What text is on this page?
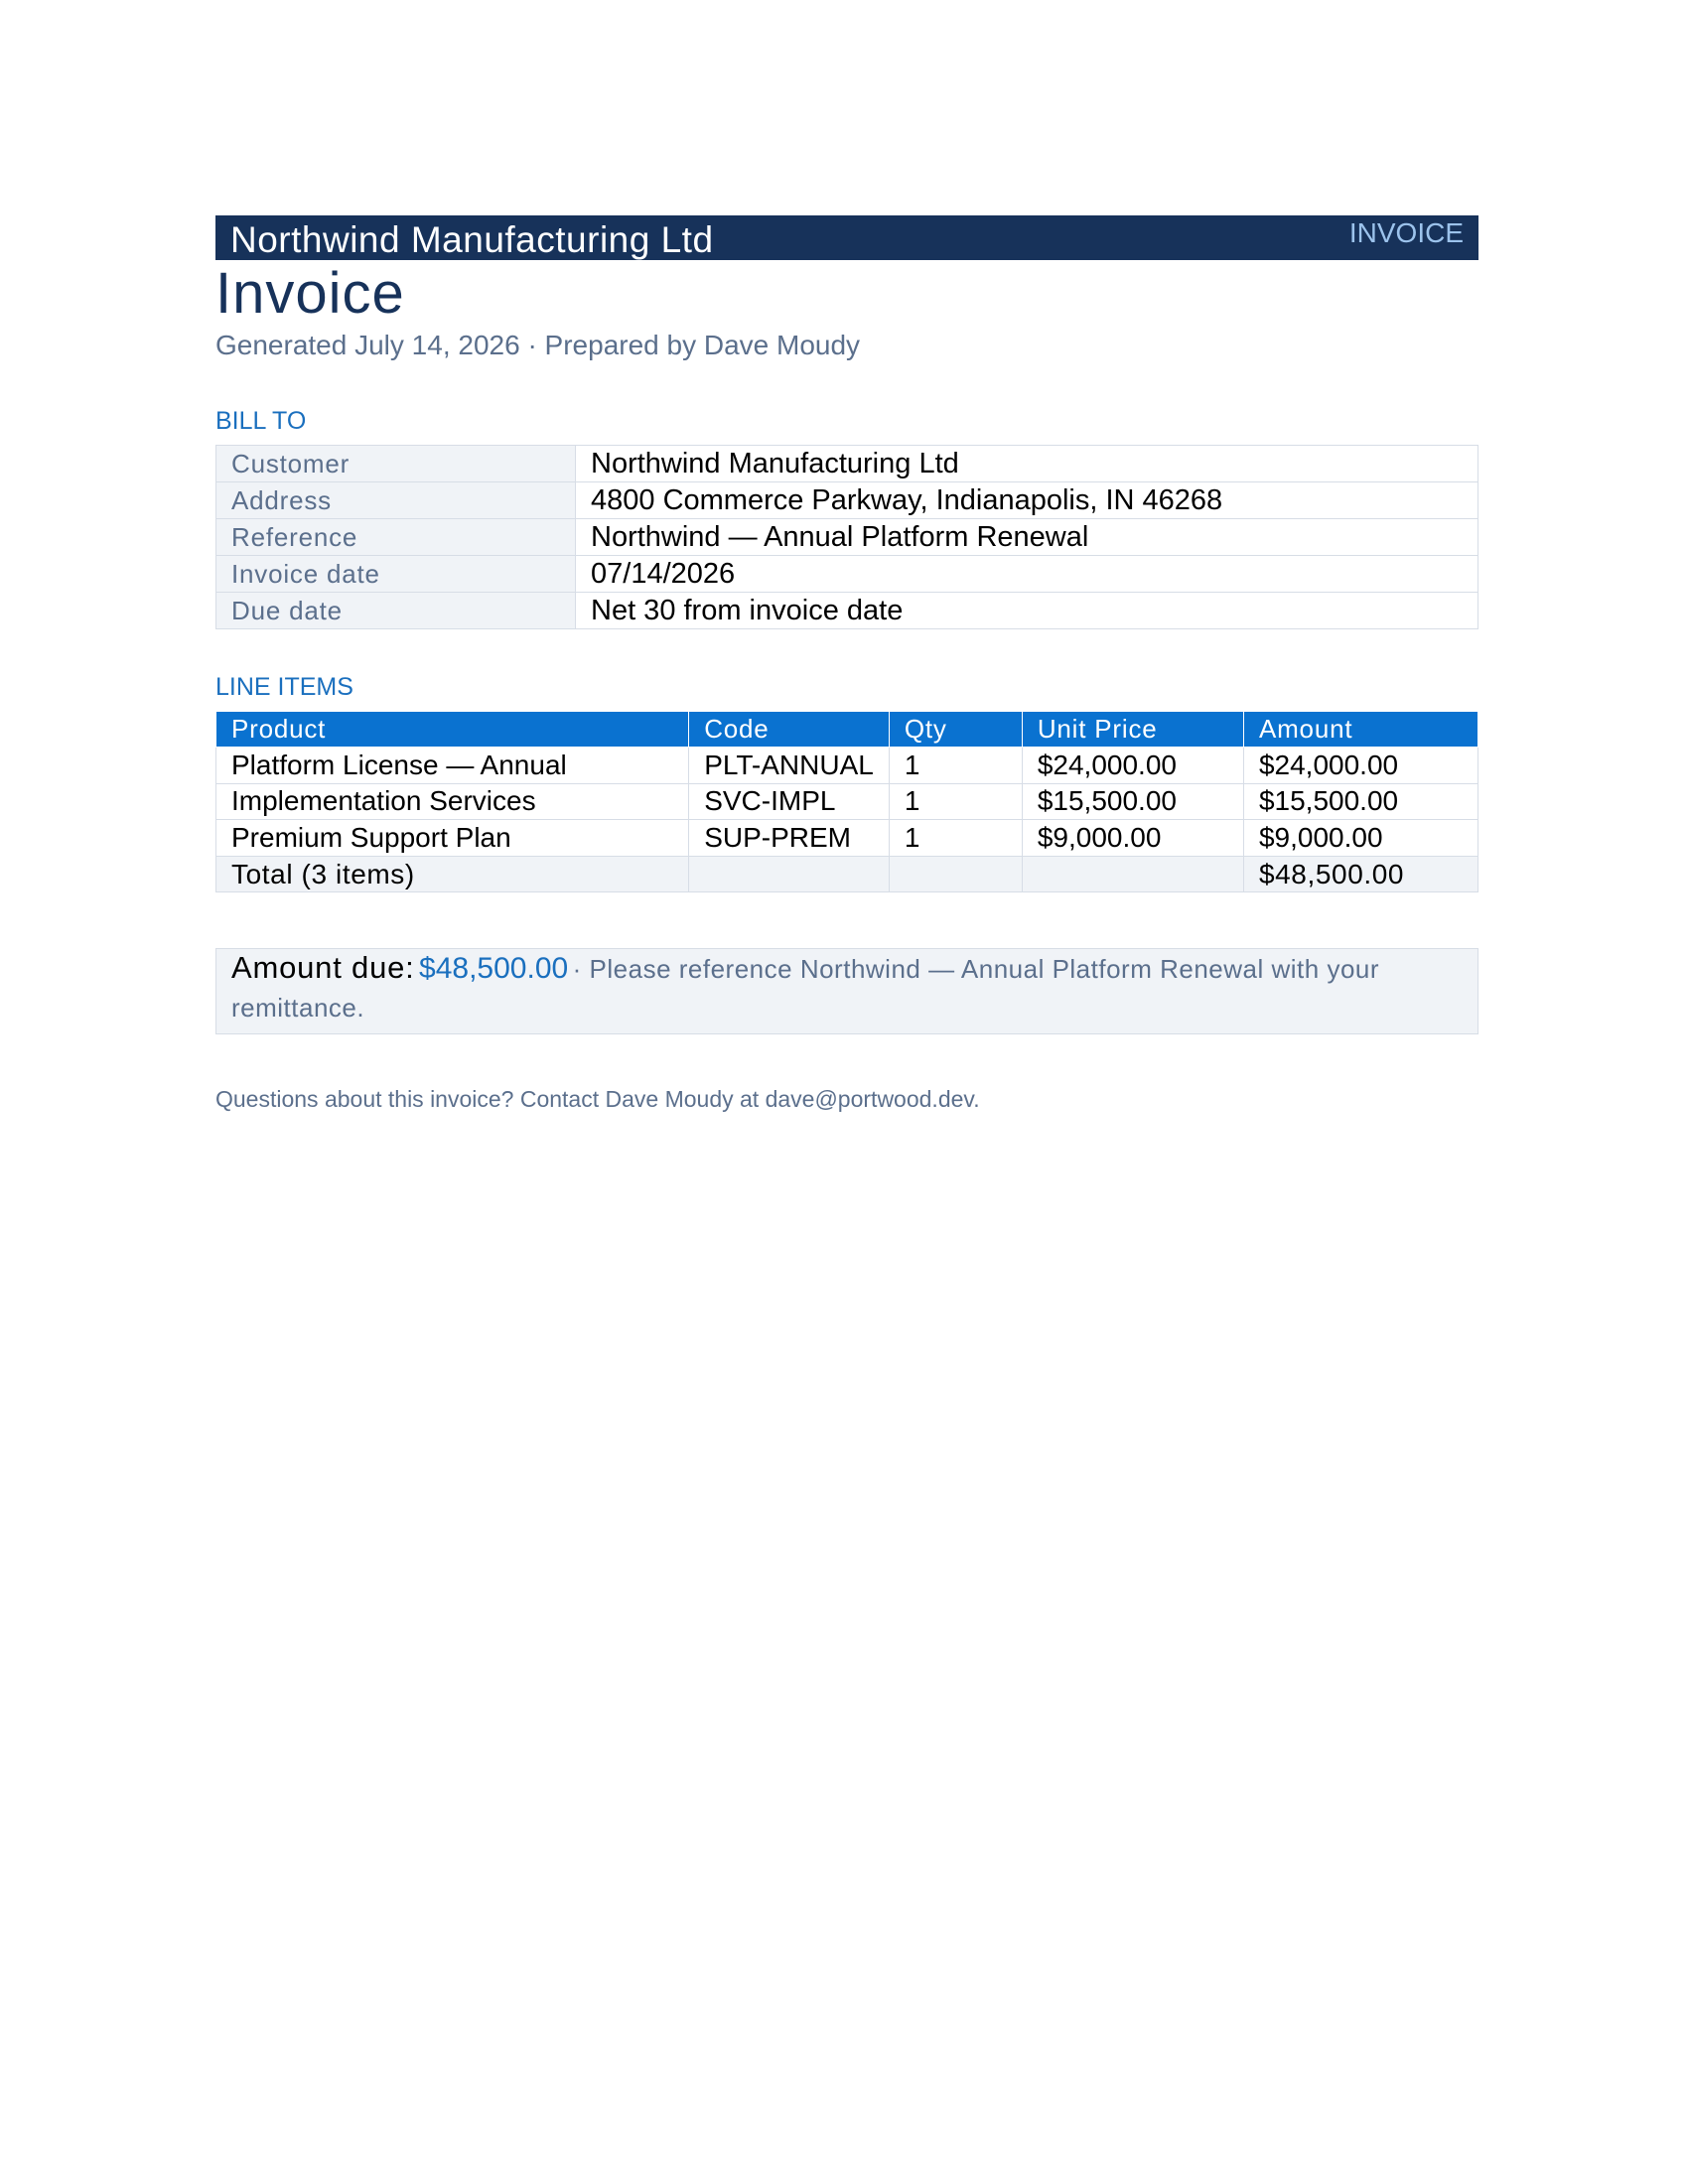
Northwind Manufacturing Ltd	INVOICE
Invoice
Generated July 14, 2026 · Prepared by Dave Moudy
BILL TO
Customer	Northwind Manufacturing Ltd
Address	4800 Commerce Parkway, Indianapolis, IN 46268
Reference	Northwind — Annual Platform Renewal
Invoice date	07/14/2026
Due date	Net 30 from invoice date
LINE ITEMS
Product	Code	Qty	Unit Price	Amount
Platform License — Annual	PLT-ANNUAL	1	$24,000.00	$24,000.00
Implementation Services	SVC-IMPL	1	$15,500.00	$15,500.00
Premium Support Plan	SUP-PREM	1	$9,000.00	$9,000.00
Total (3 items)				$48,500.00
Amount due: $48,500.00 · Please reference Northwind — Annual Platform Renewal with your remittance.
Questions about this invoice? Contact Dave Moudy at dave@portwood.dev.
